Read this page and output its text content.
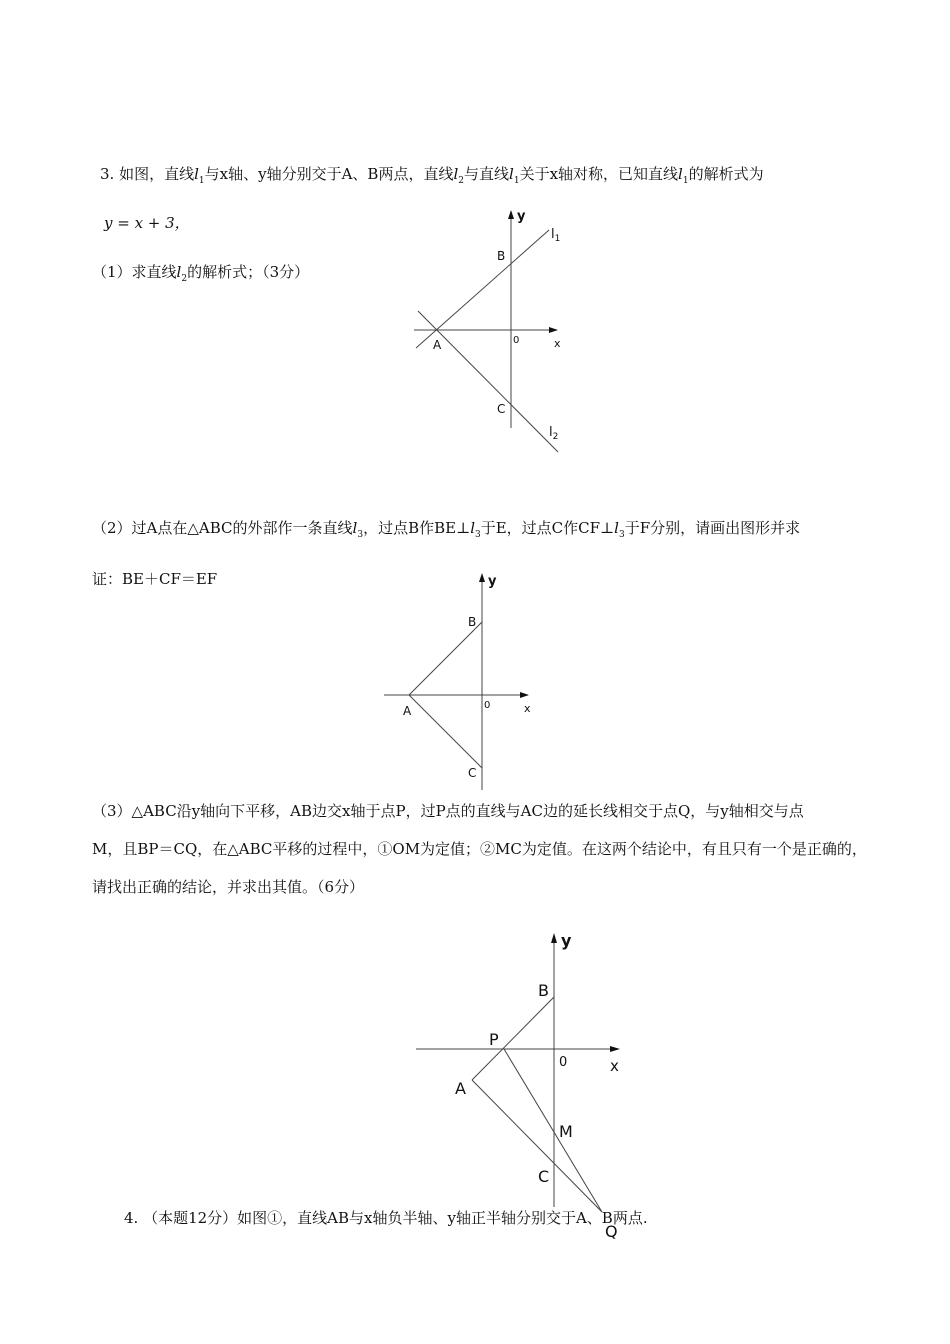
3. 如图，直线$l_1$与x轴、y轴分别交于A、B两点，直线$l_2$与直线$l_1$关于x轴对称，已知直线$l_1$的解析式为
y = x + 3，
（1）求直线$l_2$的解析式；（3分）
y
x
0
A
B
C
$l_1$
$l_2$
（2）过A点在△ABC的外部作一条直线$l_3$，过点B作$BE\perp l_3$于E，过点C作$CF\perp l_3$于F分别，请画出图形并求
证：BE＋CF＝EF	y
x
0
A
B
C
（3）△ABC沿y轴向下平移，AB边交x轴于点P，过P点的直线与AC边的延长线相交于点Q，与y轴相交与点
M，且BP＝CQ，在△ABC平移的过程中，①OM为定值；②MC为定值。在这两个结论中，有且只有一个是正确的，
请找出正确的结论，并求出其值。（6分）
y
x
0
A
B
C
P
M
Q
4. （本题12分）如图①，直线AB与x轴负半轴、y轴正半轴分别交于A、B两点.
